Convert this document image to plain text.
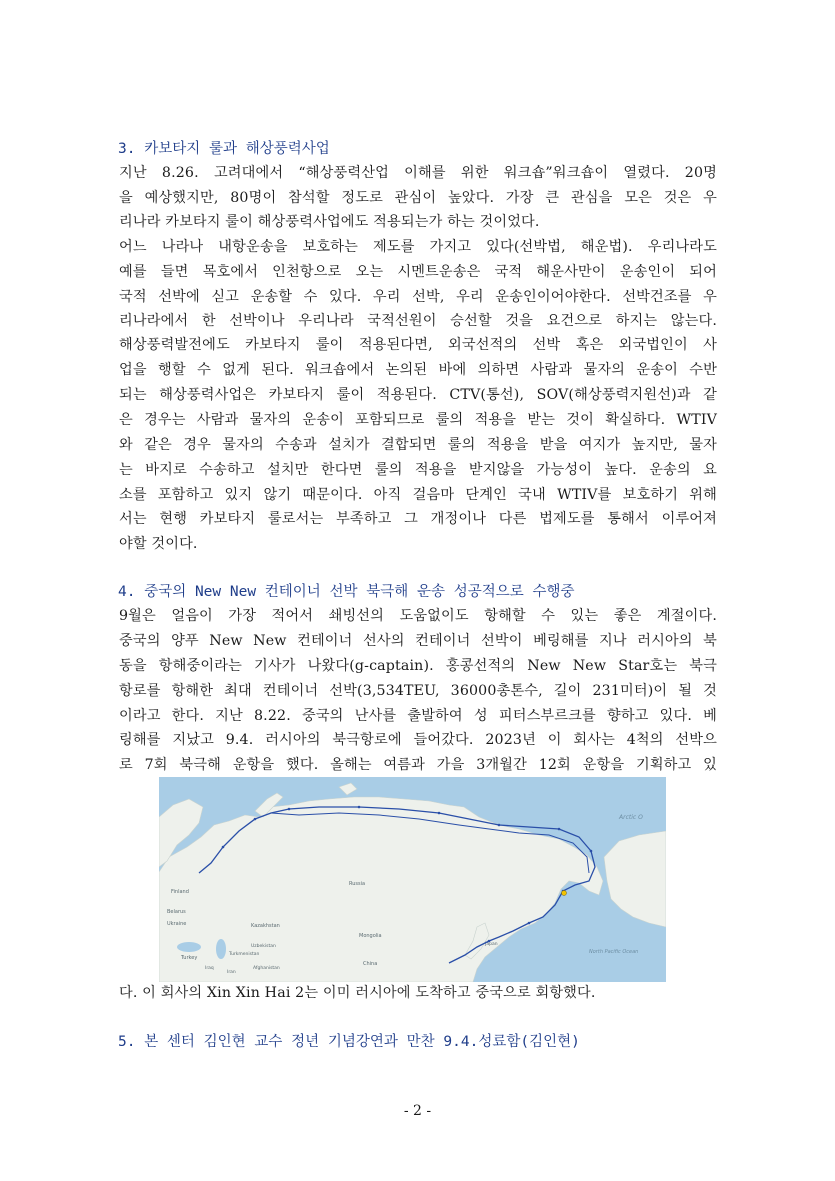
3. 카보타지 룰과 해상풍력사업
지난 8.26. 고려대에서 “해상풍력산업 이해를 위한 워크숍”워크숍이 열렸다. 20명
을 예상했지만, 80명이 참석할 정도로 관심이 높았다. 가장 큰 관심을 모은 것은 우
리나라 카보타지 룰이 해상풍력사업에도 적용되는가 하는 것이었다.
어느 나라나 내항운송을 보호하는 제도를 가지고 있다(선박법, 해운법). 우리나라도
예를 들면 목호에서 인천항으로 오는 시멘트운송은 국적 해운사만이 운송인이 되어
국적 선박에 싣고 운송할 수 있다. 우리 선박, 우리 운송인이어야한다. 선박건조를 우
리나라에서 한 선박이나 우리나라 국적선원이 승선할 것을 요건으로 하지는 않는다.
해상풍력발전에도 카보타지 룰이 적용된다면, 외국선적의 선박 혹은 외국법인이 사
업을 행할 수 없게 된다. 워크숍에서 논의된 바에 의하면 사람과 물자의 운송이 수반
되는 해상풍력사업은 카보타지 룰이 적용된다. CTV(통선), SOV(해상풍력지원선)과 같
은 경우는 사람과 물자의 운송이 포함되므로 룰의 적용을 받는 것이 확실하다. WTIV
와 같은 경우 물자의 수송과 설치가 결합되면 룰의 적용을 받을 여지가 높지만, 물자
는 바지로 수송하고 설치만 한다면 룰의 적용을 받지않을 가능성이 높다. 운송의 요
소를 포함하고 있지 않기 때문이다. 아직 걸음마 단계인 국내 WTIV를 보호하기 위해
서는 현행 카보타지 룰로서는 부족하고 그 개정이나 다른 법제도를 통해서 이루어져
야할 것이다.
4. 중국의 New New 컨테이너 선박 북극해 운송 성공적으로 수행중
9월은 얼음이 가장 적어서 쇄빙선의 도움없이도 항해할 수 있는 좋은 계절이다.
중국의 양푸 New New 컨테이너 선사의 컨테이너 선박이 베링해를 지나 러시아의 북
동을 항해중이라는 기사가 나왔다(g-captain). 홍콩선적의 New New Star호는 북극
항로를 항해한 최대 컨테이너 선박(3,534TEU, 36000총톤수, 길이 231미터)이 될 것
이라고 한다. 지난 8.22. 중국의 난사를 출발하여 성 피터스부르크를 향하고 있다. 베
링해를 지났고 9.4. 러시아의 북극항로에 들어갔다. 2023년 이 회사는 4척의 선박으
로 7회 북극해 운항을 했다. 올해는 여름과 가을 3개월간 12회 운항을 기획하고 있
Finland
Russia
Belarus
Ukraine	Kazakhstan
Mongolia
Uzbekistan
Turkmenistan
Turkey
Iraq
Iran
Afghanistan
China
Japan
Arctic O
North Pacific Ocean
다. 이 회사의 Xin Xin Hai 2는 이미 러시아에 도착하고 중국으로 회항했다.
5. 본 센터 김인현 교수 정년 기념강연과 만찬 9.4.성료함(김인현)
- 2 -
